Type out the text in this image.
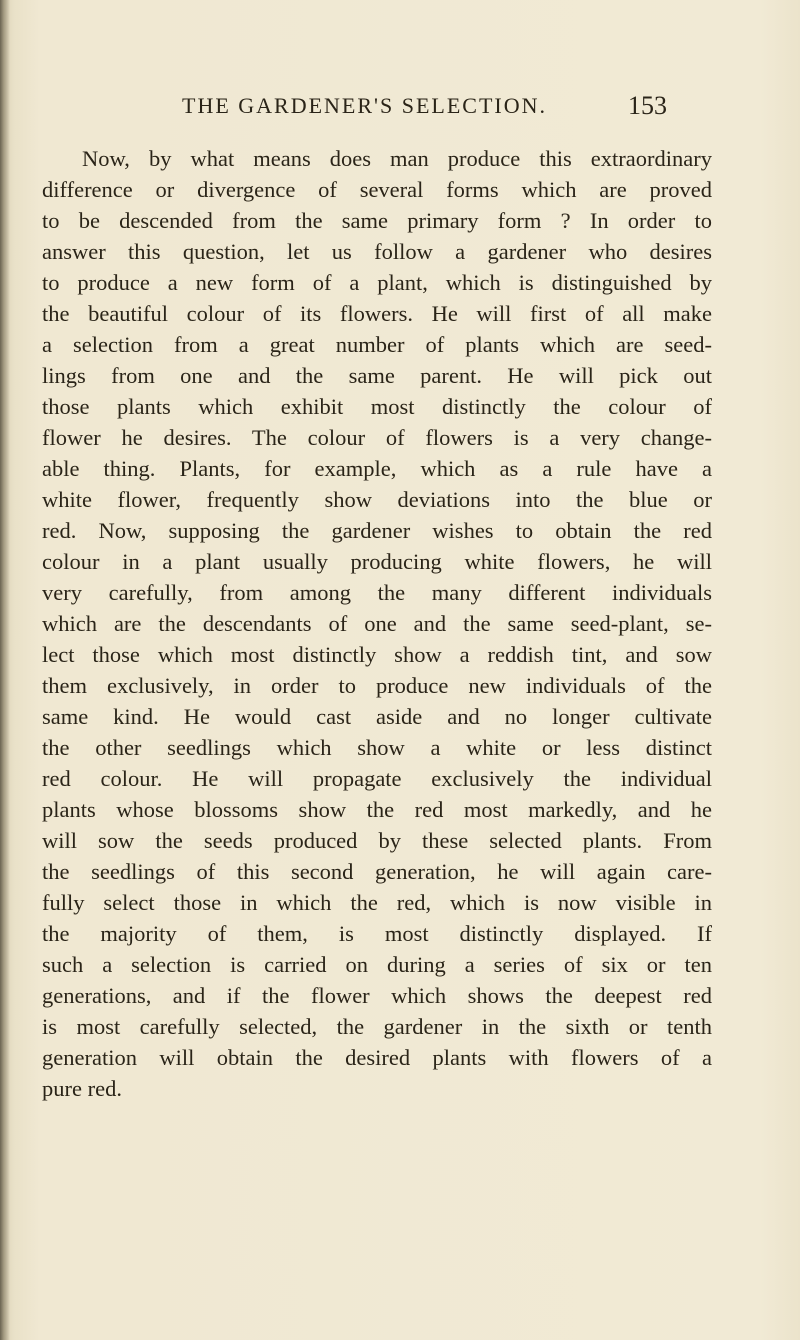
THE GARDENER'S SELECTION.	153
Now, by what means does man produce this extraordinary
difference or divergence of several forms which are proved
to be descended from the same primary form ? In order to
answer this question, let us follow a gardener who desires
to produce a new form of a plant, which is distinguished by
the beautiful colour of its flowers. He will first of all make
a selection from a great number of plants which are seed-
lings from one and the same parent. He will pick out
those plants which exhibit most distinctly the colour of
flower he desires. The colour of flowers is a very change-
able thing. Plants, for example, which as a rule have a
white flower, frequently show deviations into the blue or
red. Now, supposing the gardener wishes to obtain the red
colour in a plant usually producing white flowers, he will
very carefully, from among the many different individuals
which are the descendants of one and the same seed-plant, se-
lect those which most distinctly show a reddish tint, and sow
them exclusively, in order to produce new individuals of the
same kind. He would cast aside and no longer cultivate
the other seedlings which show a white or less distinct
red colour. He will propagate exclusively the individual
plants whose blossoms show the red most markedly, and he
will sow the seeds produced by these selected plants. From
the seedlings of this second generation, he will again care-
fully select those in which the red, which is now visible in
the majority of them, is most distinctly displayed. If
such a selection is carried on during a series of six or ten
generations, and if the flower which shows the deepest red
is most carefully selected, the gardener in the sixth or tenth
generation will obtain the desired plants with flowers of a
pure red.
